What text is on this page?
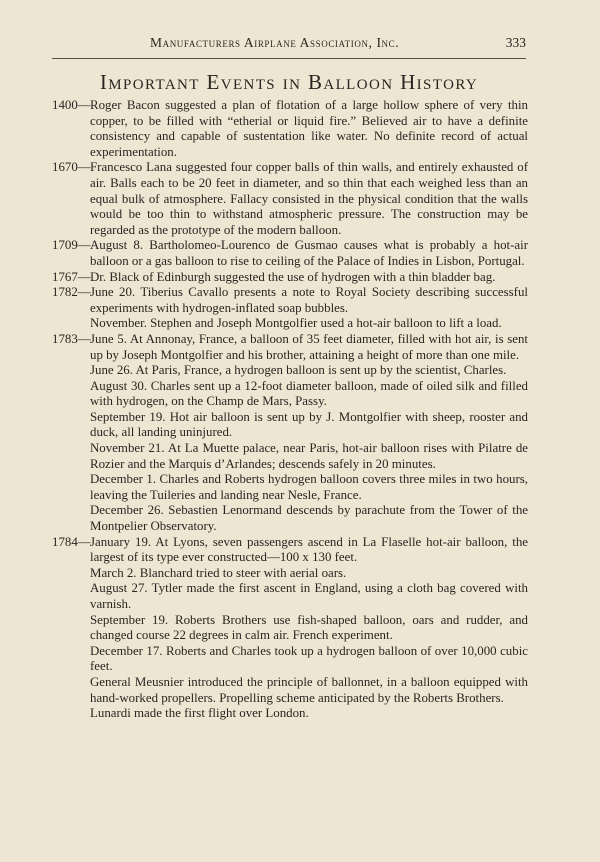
Manufacturers Airplane Association, Inc.	333
Important Events in Balloon History
1400— Roger Bacon suggested a plan of flotation of a large hollow sphere of very thin copper, to be filled with “etherial or liquid fire.” Believed air to have a definite consistency and capable of sustentation like water. No definite record of actual experimentation.
1670— Francesco Lana suggested four copper balls of thin walls, and entirely exhausted of air. Balls each to be 20 feet in diameter, and so thin that each weighed less than an equal bulk of atmosphere. Fallacy consisted in the physical condition that the walls would be too thin to withstand atmospheric pressure. The construction may be regarded as the prototype of the modern balloon.
1709— August 8. Bartholomeo-Lourenco de Gusmao causes what is probably a hot-air balloon or a gas balloon to rise to ceiling of the Palace of Indies in Lisbon, Portugal.
1767— Dr. Black of Edinburgh suggested the use of hydrogen with a thin bladder bag.
1782— June 20. Tiberius Cavallo presents a note to Royal Society describing successful experiments with hydrogen-inflated soap bubbles.
November. Stephen and Joseph Montgolfier used a hot-air balloon to lift a load.
1783— June 5. At Annonay, France, a balloon of 35 feet diameter, filled with hot air, is sent up by Joseph Montgolfier and his brother, attaining a height of more than one mile.
June 26. At Paris, France, a hydrogen balloon is sent up by the scientist, Charles.
August 30. Charles sent up a 12-foot diameter balloon, made of oiled silk and filled with hydrogen, on the Champ de Mars, Passy.
September 19. Hot air balloon is sent up by J. Montgolfier with sheep, rooster and duck, all landing uninjured.
November 21. At La Muette palace, near Paris, hot-air balloon rises with Pilatre de Rozier and the Marquis d’Arlandes; descends safely in 20 minutes.
December 1. Charles and Roberts hydrogen balloon covers three miles in two hours, leaving the Tuileries and landing near Nesle, France.
December 26. Sebastien Lenormand descends by parachute from the Tower of the Montpelier Observatory.
1784— January 19. At Lyons, seven passengers ascend in La Flaselle hot-air balloon, the largest of its type ever constructed—100 x 130 feet.
March 2. Blanchard tried to steer with aerial oars.
August 27. Tytler made the first ascent in England, using a cloth bag covered with varnish.
September 19. Roberts Brothers use fish-shaped balloon, oars and rudder, and changed course 22 degrees in calm air. French experiment.
December 17. Roberts and Charles took up a hydrogen balloon of over 10,000 cubic feet.
General Meusnier introduced the principle of ballonnet, in a balloon equipped with hand-worked propellers. Propelling scheme anticipated by the Roberts Brothers.
Lunardi made the first flight over London.
